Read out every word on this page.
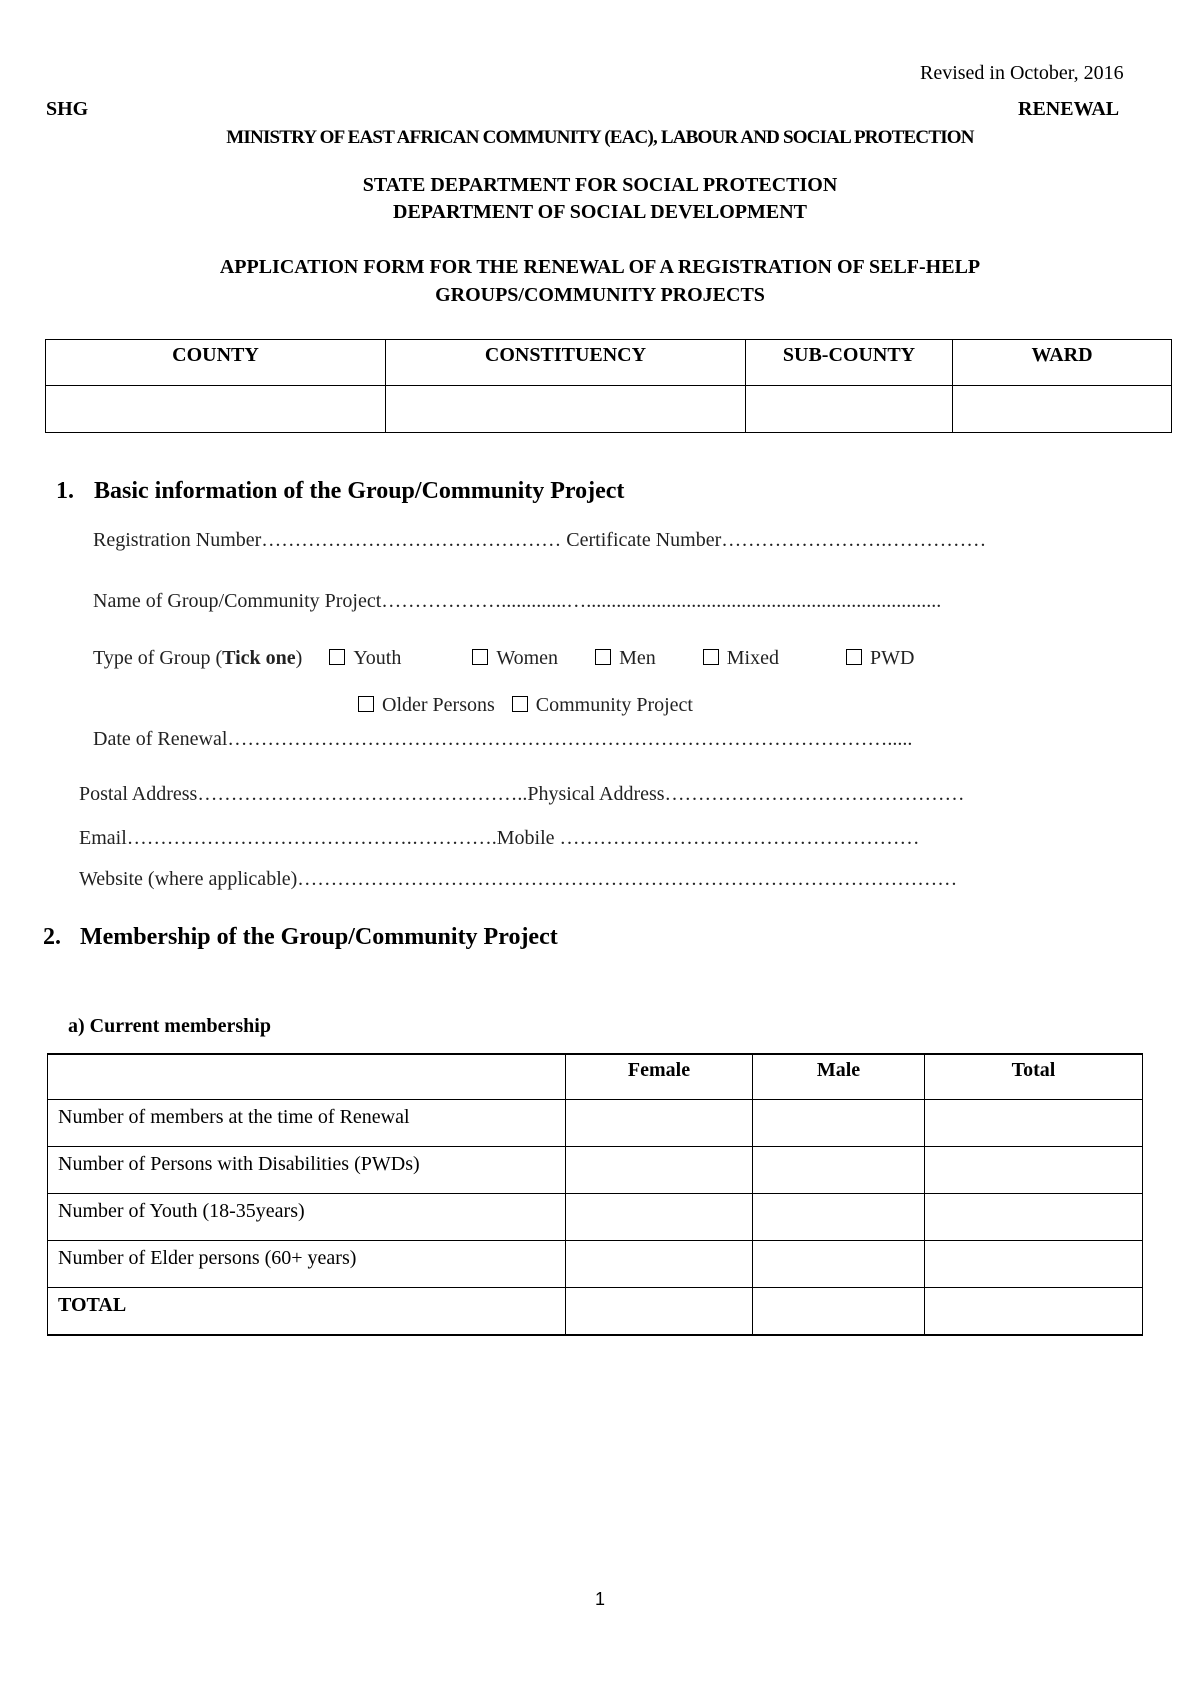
Revised in October, 2016
SHG	RENEWAL
MINISTRY OF EAST AFRICAN COMMUNITY (EAC), LABOUR AND SOCIAL PROTECTION
STATE DEPARTMENT FOR SOCIAL PROTECTION
DEPARTMENT OF SOCIAL DEVELOPMENT
APPLICATION FORM FOR THE RENEWAL OF A REGISTRATION OF SELF-HELP
GROUPS/COMMUNITY PROJECTS
COUNTY	CONSTITUENCY	SUB-COUNTY	WARD

1. Basic information of the Group/Community Project
Registration Number……………………………………… Certificate Number…………………….……………
Name of Group/Community Project……………….............….......................................................................
Type of Group (Tick one)	Youth	Women	Men	Mixed	PWD
Older Persons Community Project
Date of Renewal……………………………………………………………………………………….....
Postal Address…………………………………………..Physical Address………………………………………
Email…………………………………….………….Mobile ………………………………………………
Website (where applicable)………………………………………………………………………………………
2. Membership of the Group/Community Project
a) Current membership
	Female	Male	Total
Number of members at the time of Renewal			
Number of Persons with Disabilities (PWDs)			
Number of Youth (18-35years)			
Number of Elder persons (60+ years)			
TOTAL			
1
